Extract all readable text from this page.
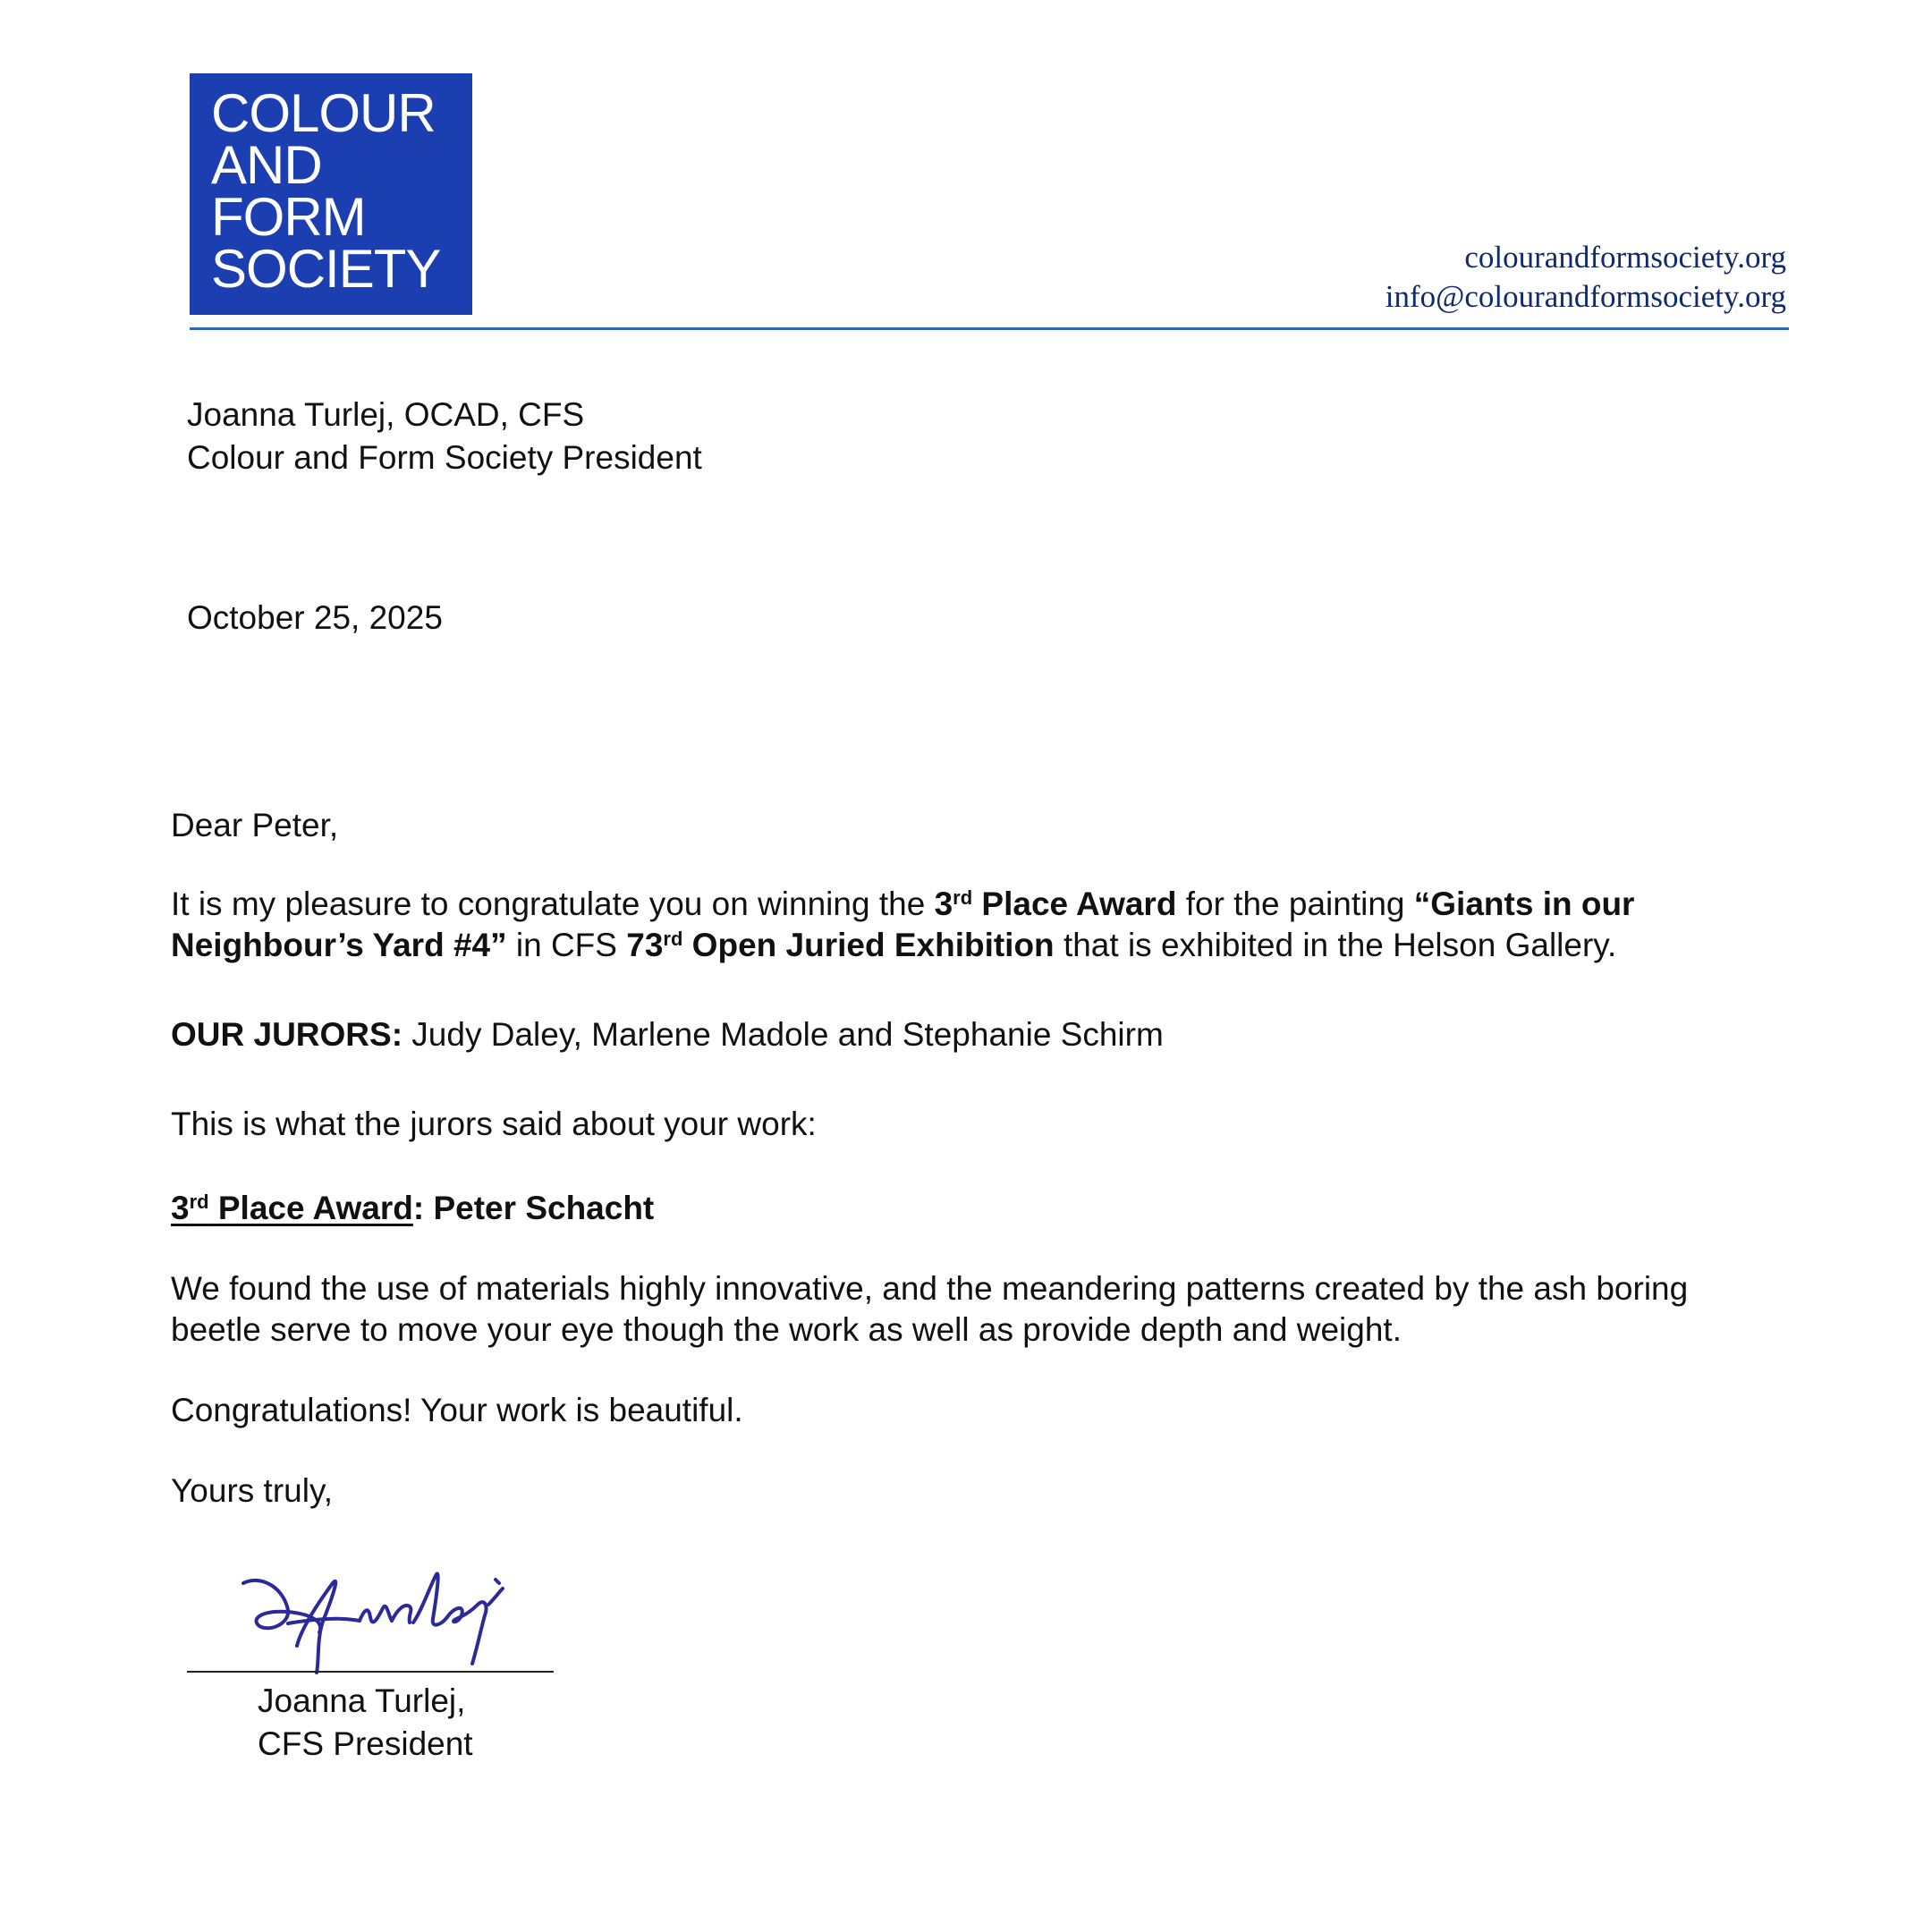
COLOUR
AND
FORM
SOCIETY	colourandformsociety.org
info@colourandformsociety.org
Joanna Turlej, OCAD, CFS
Colour and Form Society President
October 25, 2025

Dear Peter,

It is my pleasure to congratulate you on winning the 3rd Place Award for the painting “Giants in our Neighbour’s Yard #4” in CFS 73rd Open Juried Exhibition that is exhibited in the Helson Gallery.

OUR JURORS: Judy Daley, Marlene Madole and Stephanie Schirm

This is what the jurors said about your work:

3rd Place Award: Peter Schacht

We found the use of materials highly innovative, and the meandering patterns created by the ash boring beetle serve to move your eye though the work as well as provide depth and weight.

Congratulations! Your work is beautiful.

Yours truly,

Joanna Turlej,
CFS President
